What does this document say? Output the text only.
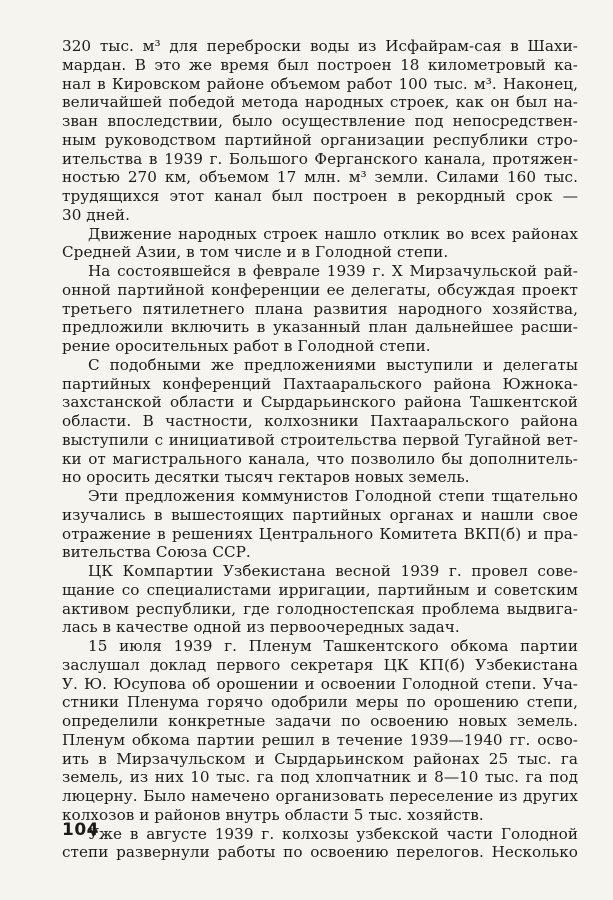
320 тыс. м³ для переброски воды из Исфайрам-сая в Шахи-
мардан. В это же время был построен 18 километровый ка-
нал в Кировском районе объемом работ 100 тыс. м³. Наконец,
величайшей победой метода народных строек, как он был на-
зван впоследствии, было осуществление под непосредствен-
ным руководством партийной организации республики стро-
ительства в 1939 г. Большого Ферганского канала, протяжен-
ностью 270 км, объемом 17 млн. м³ земли. Силами 160 тыс.
трудящихся этот канал был построен в рекордный срок —
30 дней.
Движение народных строек нашло отклик во всех районах
Средней Азии, в том числе и в Голодной степи.
На состоявшейся в феврале 1939 г. X Мирзачульской рай-
онной партийной конференции ее делегаты, обсуждая проект
третьего пятилетнего плана развития народного хозяйства,
предложили включить в указанный план дальнейшее расши-
рение оросительных работ в Голодной степи.
С подобными же предложениями выступили и делегаты
партийных конференций Пахтааральского района Южнока-
захстанской области и Сырдарьинского района Ташкентской
области. В частности, колхозники Пахтаарaльского района
выступили с инициативой строительства первой Тугайной вет-
ки от магистрального канала, что позволило бы дополнитель-
но оросить десятки тысяч гектаров новых земель.
Эти предложения коммунистов Голодной степи тщательно
изучались в вышестоящих партийных органах и нашли свое
отражение в решениях Центрального Комитета ВКП(б) и пра-
вительства Союза ССР.
ЦК Компартии Узбекистана весной 1939 г. провел сове-
щание со специалистами ирригации, партийным и советским
активом республики, где голодностепская проблема выдвига-
лась в качестве одной из первоочередных задач.
15 июля 1939 г. Пленум Ташкентского обкома партии
заслушал доклад первого секретаря ЦК КП(б) Узбекистана
У. Ю. Юсупова об орошении и освоении Голодной степи. Уча-
стники Пленума горячо одобрили меры по орошению степи,
определили конкретные задачи по освоению новых земель.
Пленум обкома партии решил в течение 1939—1940 гг. осво-
ить в Мирзачульском и Сырдарьинском районах 25 тыс. га
земель, из них 10 тыс. га под хлопчатник и 8—10 тыс. га под
люцерну. Было намечено организовать переселение из других
колхозов и районов внутрь области 5 тыс. хозяйств.
Уже в августе 1939 г. колхозы узбекской части Голодной
степи развернули работы по освоению перелогов. Несколько
104
